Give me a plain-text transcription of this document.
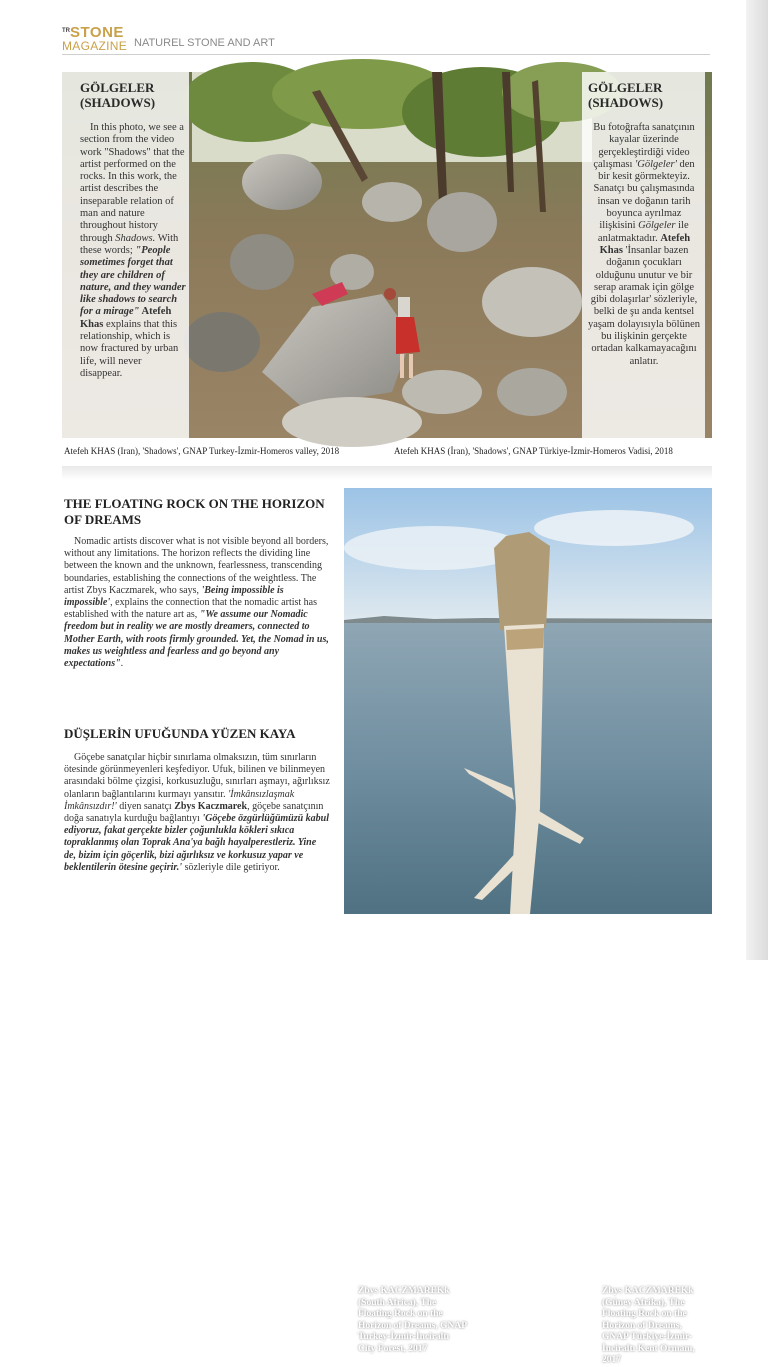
TR STONE
MAGAZINE NATUREL STONE AND ART
GÖLGELER (SHADOWS)
In this photo, we see a section from the video work "Shadows" that the artist performed on the rocks. In this work, the artist describes the inseparable relation of man and nature throughout history through Shadows. With these words; "People sometimes forget that they are children of nature, and they wander like shadows to search for a mirage" Atefeh Khas explains that this relationship, which is now fractured by urban life, will never disappear.
GÖLGELER (SHADOWS)
Bu fotoğrafta sanatçının kayalar üzerinde gerçekleştirdiği video çalışması 'Gölgeler' den bir kesit görmekteyiz. Sanatçı bu çalışmasında insan ve doğanın tarih boyunca ayrılmaz ilişkisini Gölgeler ile anlatmaktadır. Atefeh Khas 'İnsanlar bazen doğanın çocukları olduğunu unutur ve bir serap aramak için gölge gibi dolaşırlar' sözleriyle, belki de şu anda kentsel yaşam dolayısıyla bölünen bu ilişkinin gerçekte ortadan kalkamayacağını anlatır.
Atefeh KHAS (Iran), 'Shadows', GNAP Turkey-İzmir-Homeros valley, 2018	Atefeh KHAS (İran), 'Shadows', GNAP Türkiye-İzmir-Homeros Vadisi, 2018
THE FLOATING ROCK ON THE HORIZON OF DREAMS
Nomadic artists discover what is not visible beyond all borders, without any limitations. The horizon reflects the dividing line between the known and the unknown, fearlessness, transcending boundaries, establishing the connections of the weightless. The artist Zbys Kaczmarek, who says, 'Being impossible is impossible', explains the connection that the nomadic artist has established with the nature art as, "We assume our Nomadic freedom but in reality we are mostly dreamers, connected to Mother Earth, with roots firmly grounded. Yet, the Nomad in us, makes us weightless and fearless and go beyond any expectations".
DÜŞLERİN UFUĞUNDA YÜZEN KAYA
Göçebe sanatçılar hiçbir sınırlama olmaksızın, tüm sınırların ötesinde görünmeyenleri keşfediyor. Ufuk, bilinen ve bilinmeyen arasındaki bölme çizgisi, korkusuzluğu, sınırları aşmayı, ağırlıksız olanların bağlantılarını kurmayı yansıtır. 'İmkânsızlaşmak İmkânsızdır!' diyen sanatçı Zbys Kaczmarek, göçebe sanatçının doğa sanatıyla kurduğu bağlantıyı 'Göçebe özgürlüğümüzü kabul ediyoruz, fakat gerçekte bizler çoğunlukla kökleri sıkıca topraklanmış olan Toprak Ana'ya bağlı hayalperestleriz. Yine de, bizim için göçerlik, bizi ağırlıksız ve korkusuz yapar ve beklentilerin ötesine geçirir.' sözleriyle dile getiriyor.
Zbys KACZMAREKk (South Africa), The Floating Rock on the Horizon of Dreams, GNAP Turkey-İzmir-İnciraltı City Forest, 2017
Zbys KACZMAREKk (Güney Afrika), The Floating Rock on the Horizon of Dreams, GNAP Türkiye-İzmir-İnciraltı Kent Ormanı, 2017
